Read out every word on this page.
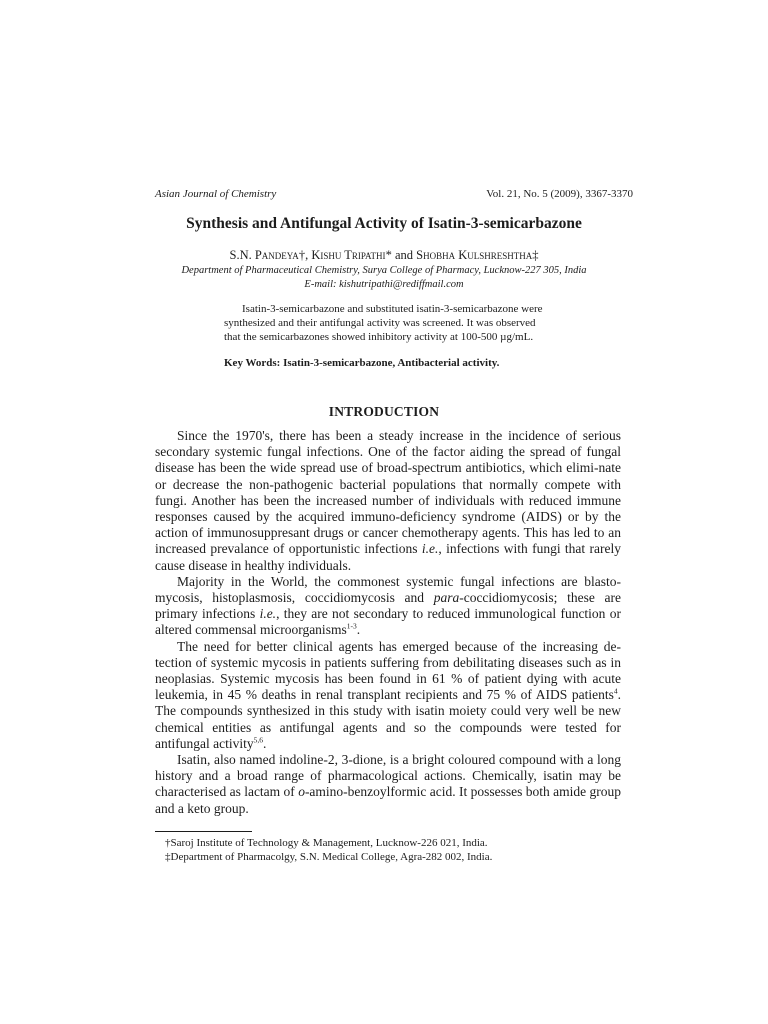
Asian Journal of Chemistry	Vol. 21, No. 5 (2009), 3367-3370
Synthesis and Antifungal Activity of Isatin-3-semicarbazone
S.N. Pandeya†, Kishu Tripathi* and Shobha Kulshreshtha‡
Department of Pharmaceutical Chemistry, Surya College of Pharmacy, Lucknow-227 305, India
E-mail: kishutripathi@rediffmail.com
Isatin-3-semicarbazone and substituted isatin-3-semicarbazone were
synthesized and their antifungal activity was screened. It was observed
that the semicarbazones showed inhibitory activity at 100-500 µg/mL.
Key Words: Isatin-3-semicarbazone, Antibacterial activity.
INTRODUCTION

Since the 1970's, there has been a steady increase in the incidence of serious secondary systemic fungal infections. One of the factor aiding the spread of fungal disease has been the wide spread use of broad-spectrum antibiotics, which elimi-nate or decrease the non-pathogenic bacterial populations that normally compete with fungi. Another has been the increased number of individuals with reduced immune responses caused by the acquired immuno-deficiency syndrome (AIDS) or by the action of immunosuppresant drugs or cancer chemotherapy agents. This has led to an increased prevalance of opportunistic infections i.e., infections with fungi that rarely cause disease in healthy individuals.

Majority in the World, the commonest systemic fungal infections are blasto-mycosis, histoplasmosis, coccidiomycosis and para-coccidiomycosis; these are primary infections i.e., they are not secondary to reduced immunological function or altered commensal microorganisms$^{1-3}$.

The need for better clinical agents has emerged because of the increasing de-tection of systemic mycosis in patients suffering from debilitating diseases such as in neoplasias. Systemic mycosis has been found in 61 % of patient dying with acute leukemia, in 45 % deaths in renal transplant recipients and 75 % of AIDS patients$^4$. The compounds synthesized in this study with isatin moiety could very well be new chemical entities as antifungal agents and so the compounds were tested for antifungal activity$^{5,6}$.

Isatin, also named indoline-2, 3-dione, is a bright coloured compound with a long history and a broad range of pharmacological actions. Chemically, isatin may be characterised as lactam of o-amino-benzoylformic acid. It possesses both amide group and a keto group.

†Saroj Institute of Technology & Management, Lucknow-226 021, India.
‡Department of Pharmacolgy, S.N. Medical College, Agra-282 002, India.
